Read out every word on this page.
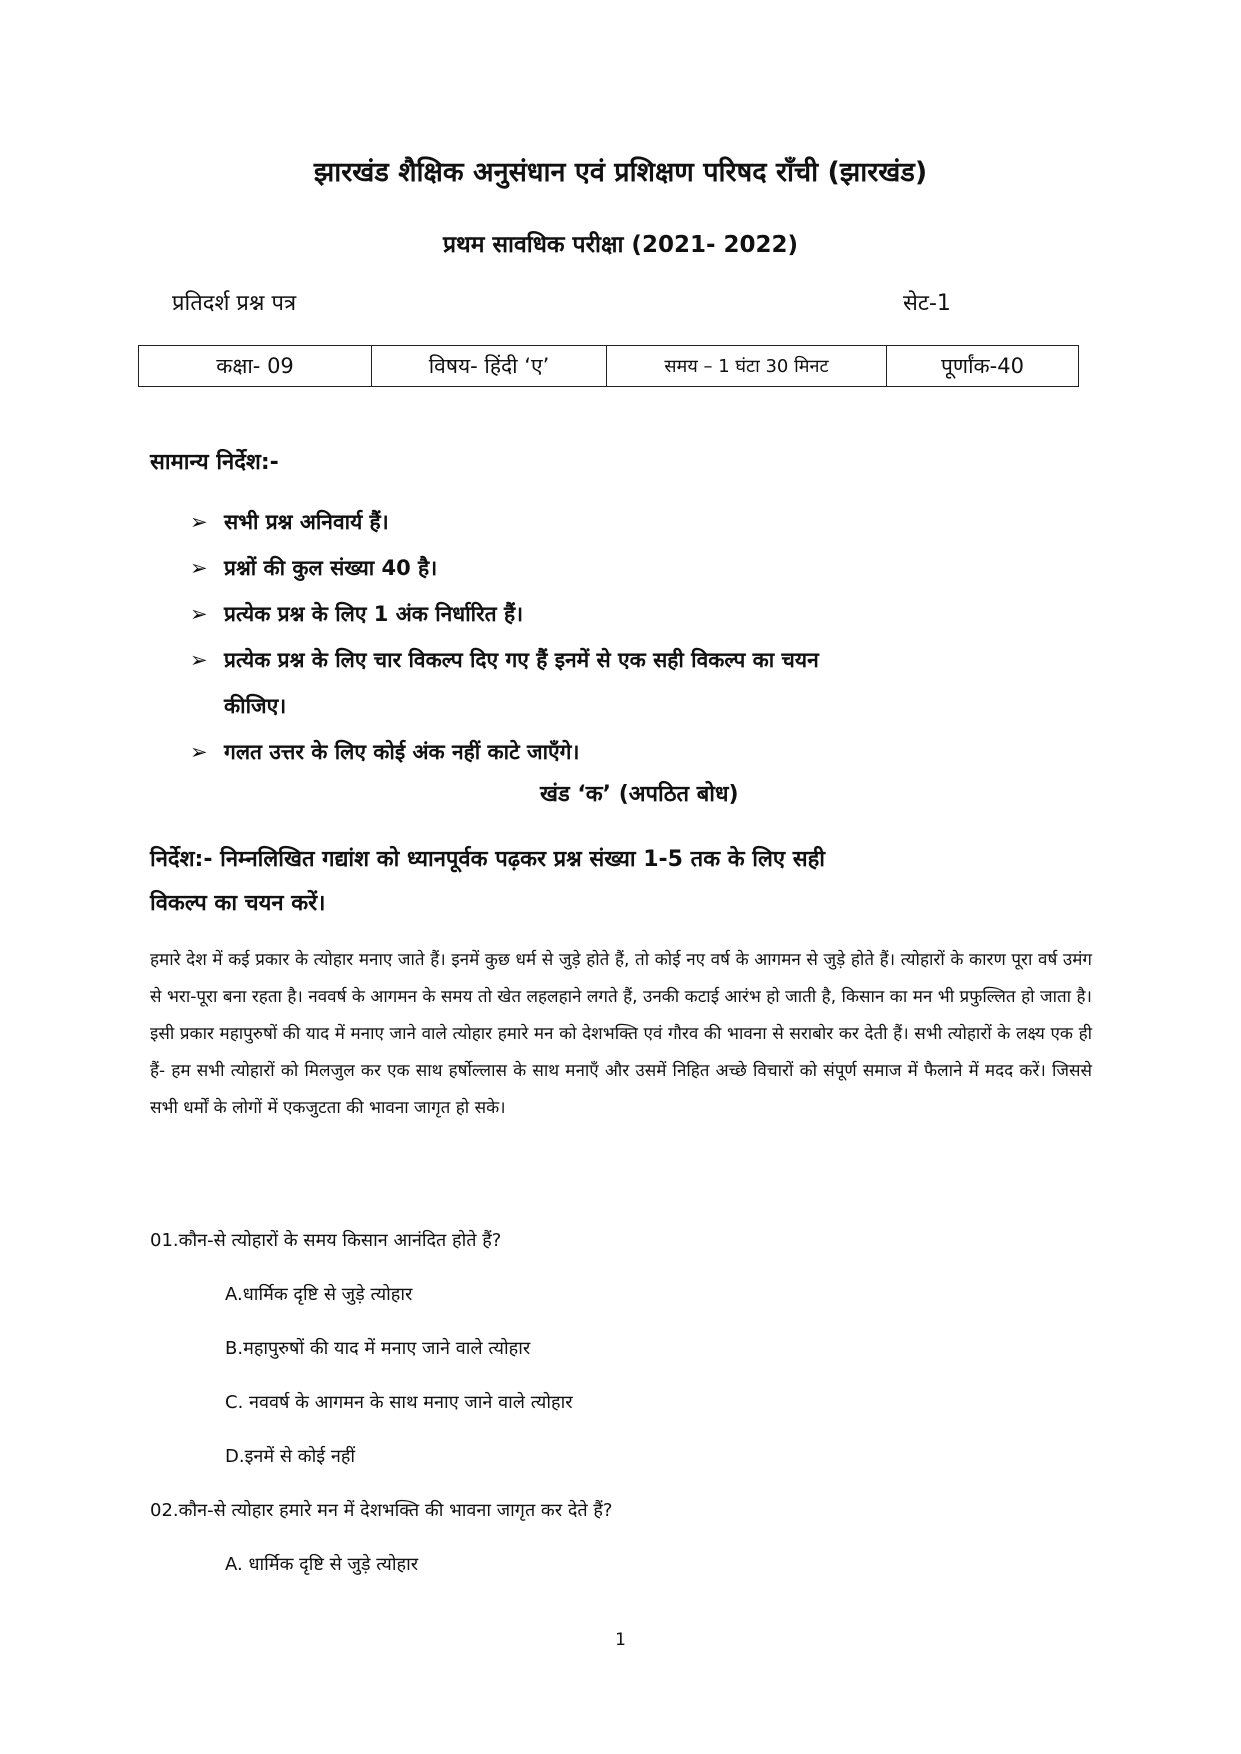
झारखंड शैक्षिक अनुसंधान एवं प्रशिक्षण परिषद राँची (झारखंड)
प्रथम सावधिक परीक्षा (2021- 2022)
प्रतिदर्श प्रश्न पत्र	सेट-1
कक्षा- 09	विषय- हिंदी ‘ए’	समय – 1 घंटा 30 मिनट	पूर्णांक-40
सामान्य निर्देश:-
➢ सभी प्रश्न अनिवार्य हैं।
➢ प्रश्नों की कुल संख्या 40 है।
➢ प्रत्येक प्रश्न के लिए 1 अंक निर्धारित हैं।
➢ प्रत्येक प्रश्न के लिए चार विकल्प दिए गए हैं इनमें से एक सही विकल्प का चयन
कीजिए।
➢ गलत उत्तर के लिए कोई अंक नहीं काटे जाएँगे।
खंड ‘क’ (अपठित बोध)
निर्देश:- निम्नलिखित गद्यांश को ध्यानपूर्वक पढ़कर प्रश्न संख्या 1-5 तक के लिए सही
विकल्प का चयन करें।
हमारे देश में कई प्रकार के त्योहार मनाए जाते हैं। इनमें कुछ धर्म से जुड़े होते हैं, तो कोई नए वर्ष के आगमन से जुड़े होते हैं। त्योहारों के कारण पूरा वर्ष उमंग से भरा-पूरा बना रहता है। नववर्ष के आगमन के समय तो खेत लहलहाने लगते हैं, उनकी कटाई आरंभ हो जाती है, किसान का मन भी प्रफुल्लित हो जाता है। इसी प्रकार महापुरुषों की याद में मनाए जाने वाले त्योहार हमारे मन को देशभक्ति एवं गौरव की भावना से सराबोर कर देती हैं। सभी त्योहारों के लक्ष्य एक ही हैं- हम सभी त्योहारों को मिलजुल कर एक साथ हर्षोल्लास के साथ मनाएँ और उसमें निहित अच्छे विचारों को संपूर्ण समाज में फैलाने में मदद करें। जिससे सभी धर्मों के लोगों में एकजुटता की भावना जागृत हो सके।
01.कौन-से त्योहारों के समय किसान आनंदित होते हैं?
A.धार्मिक दृष्टि से जुड़े त्योहार
B.महापुरुषों की याद में मनाए जाने वाले त्योहार
C. नववर्ष के आगमन के साथ मनाए जाने वाले त्योहार
D.इनमें से कोई नहीं
02.कौन-से त्योहार हमारे मन में देशभक्ति की भावना जागृत कर देते हैं?
A. धार्मिक दृष्टि से जुड़े त्योहार
1
